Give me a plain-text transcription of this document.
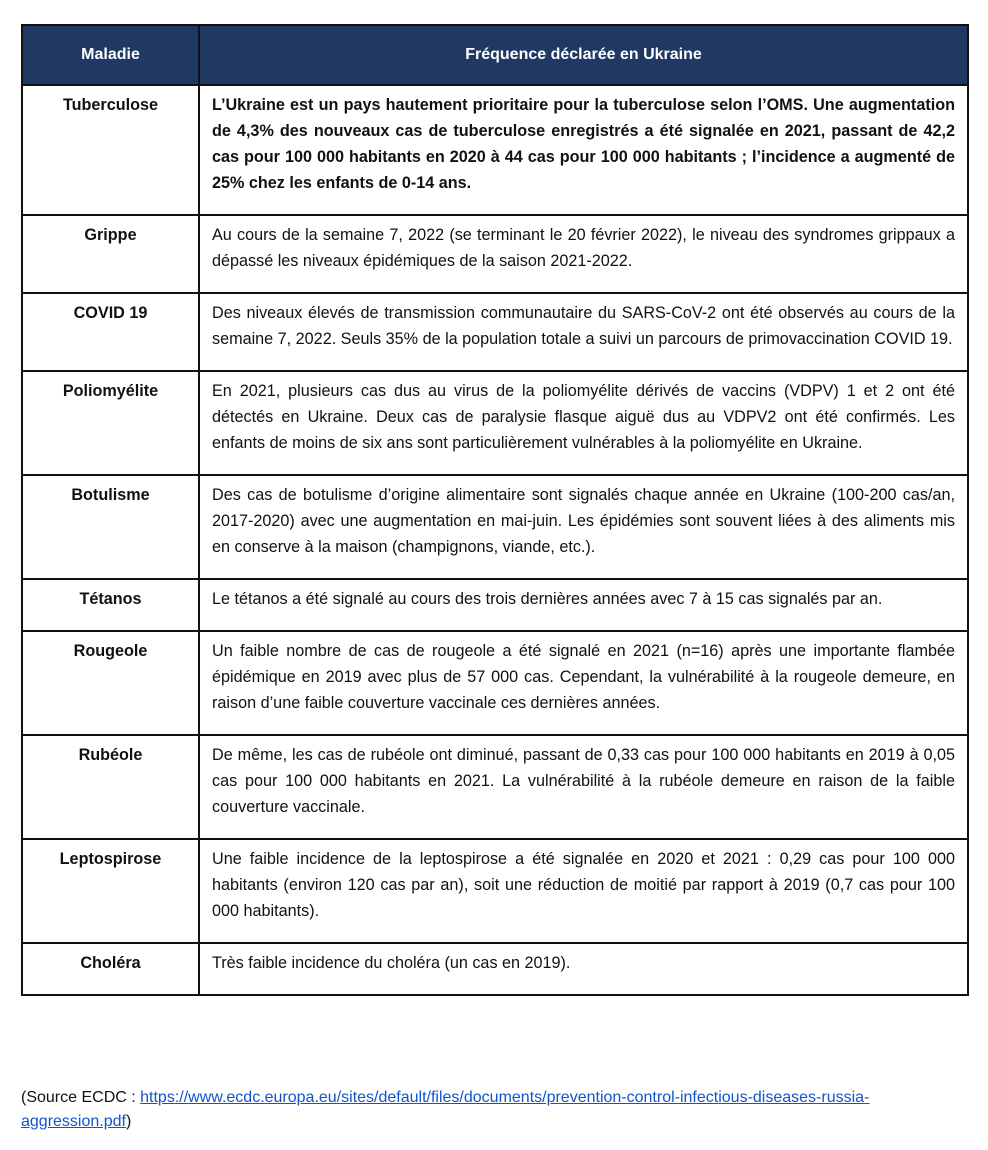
Maladie	Fréquence déclarée en Ukraine
Tuberculose	L’Ukraine est un pays hautement prioritaire pour la tuberculose selon l’OMS. Une augmentation de 4,3% des nouveaux cas de tuberculose enregistrés a été signalée en 2021, passant de 42,2 cas pour 100 000 habitants en 2020 à 44 cas pour 100 000 habitants ; l’incidence a augmenté de 25% chez les enfants de 0-14 ans.
Grippe	Au cours de la semaine 7, 2022 (se terminant le 20 février 2022), le niveau des syndromes grippaux a dépassé les niveaux épidémiques de la saison 2021-2022.
COVID 19	Des niveaux élevés de transmission communautaire du SARS-CoV-2 ont été observés au cours de la semaine 7, 2022. Seuls 35% de la population totale a suivi un parcours de primovaccination COVID 19.
Poliomyélite	En 2021, plusieurs cas dus au virus de la poliomyélite dérivés de vaccins (VDPV) 1 et 2 ont été détectés en Ukraine. Deux cas de paralysie flasque aiguë dus au VDPV2 ont été confirmés. Les enfants de moins de six ans sont particulièrement vulnérables à la poliomyélite en Ukraine.
Botulisme	Des cas de botulisme d’origine alimentaire sont signalés chaque année en Ukraine (100-200 cas/an, 2017-2020) avec une augmentation en mai-juin. Les épidémies sont souvent liées à des aliments mis en conserve à la maison (champignons, viande, etc.).
Tétanos	Le tétanos a été signalé au cours des trois dernières années avec 7 à 15 cas signalés par an.
Rougeole	Un faible nombre de cas de rougeole a été signalé en 2021 (n=16) après une importante flambée épidémique en 2019 avec plus de 57 000 cas. Cependant, la vulnérabilité à la rougeole demeure, en raison d’une faible couverture vaccinale ces dernières années.
Rubéole	De même, les cas de rubéole ont diminué, passant de 0,33 cas pour 100 000 habitants en 2019 à 0,05 cas pour 100 000 habitants en 2021. La vulnérabilité à la rubéole demeure en raison de la faible couverture vaccinale.
Leptospirose	Une faible incidence de la leptospirose a été signalée en 2020 et 2021 : 0,29 cas pour 100 000 habitants (environ 120 cas par an), soit une réduction de moitié par rapport à 2019 (0,7 cas pour 100 000 habitants).
Choléra	Très faible incidence du choléra (un cas en 2019).
(Source ECDC : https://www.ecdc.europa.eu/sites/default/files/documents/prevention-control-infectious-diseases-russia-aggression.pdf)
